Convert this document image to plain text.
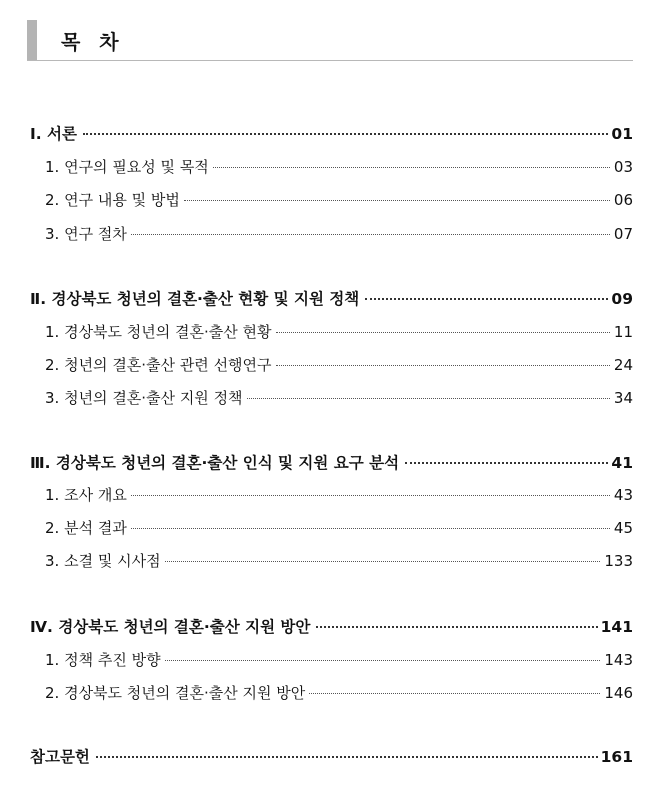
목 차
Ⅰ. 서론	01
1. 연구의 필요성 및 목적	03
2. 연구 내용 및 방법	06
3. 연구 절차	07
Ⅱ. 경상북도 청년의 결혼·출산 현황 및 지원 정책	09
1. 경상북도 청년의 결혼·출산 현황	11
2. 청년의 결혼·출산 관련 선행연구	24
3. 청년의 결혼·출산 지원 정책	34
Ⅲ. 경상북도 청년의 결혼·출산 인식 및 지원 요구 분석	41
1. 조사 개요	43
2. 분석 결과	45
3. 소결 및 시사점	133
Ⅳ. 경상북도 청년의 결혼·출산 지원 방안	141
1. 정책 추진 방향	143
2. 경상북도 청년의 결혼·출산 지원 방안	146
참고문헌	161
